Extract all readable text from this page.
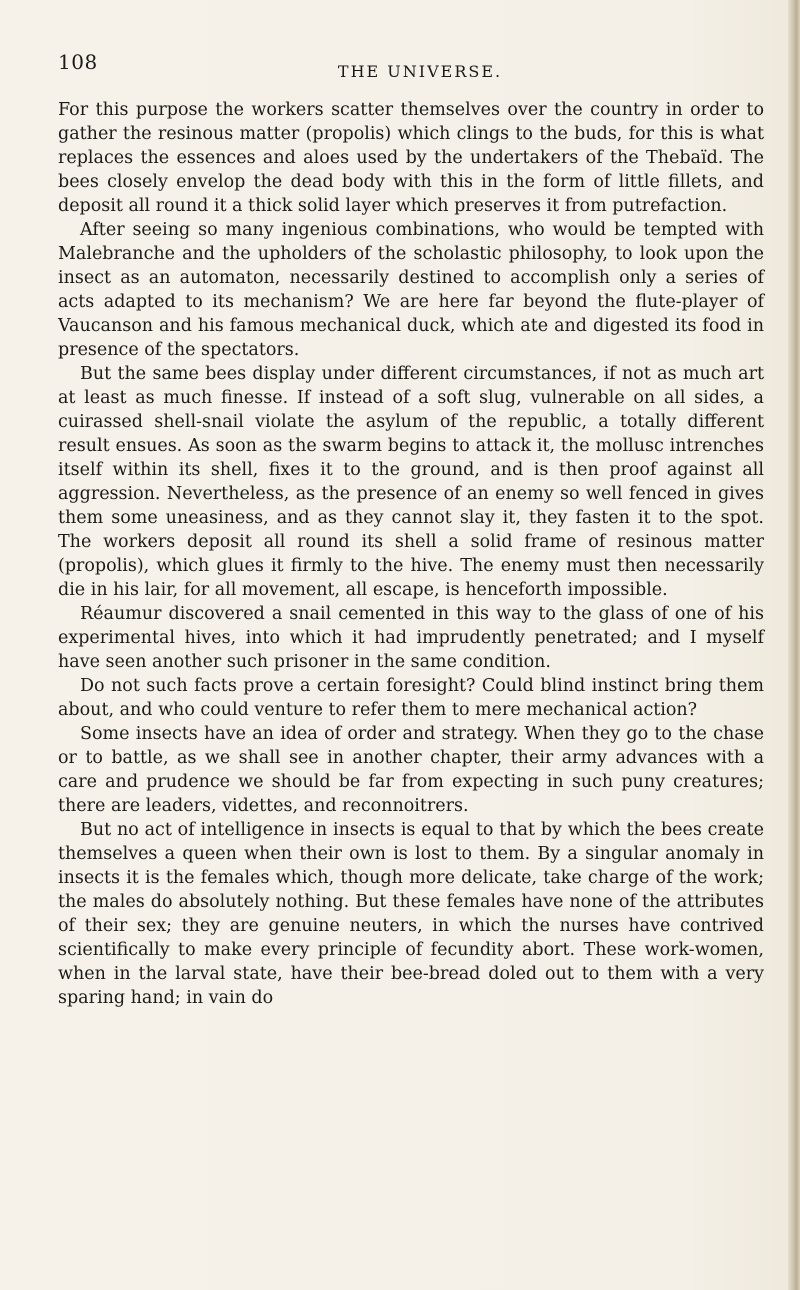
108	THE UNIVERSE.

For this purpose the workers scatter themselves over the country in order to gather the resinous matter (propolis) which clings to the buds, for this is what replaces the essences and aloes used by the undertakers of the Thebaïd. The bees closely envelop the dead body with this in the form of little fillets, and deposit all round it a thick solid layer which preserves it from putrefaction.

After seeing so many ingenious combinations, who would be tempted with Malebranche and the upholders of the scholastic philosophy, to look upon the insect as an automaton, necessarily destined to accomplish only a series of acts adapted to its mechanism? We are here far beyond the flute-player of Vaucanson and his famous mechanical duck, which ate and digested its food in presence of the spectators.

But the same bees display under different circumstances, if not as much art at least as much finesse. If instead of a soft slug, vulnerable on all sides, a cuirassed shell-snail violate the asylum of the republic, a totally different result ensues. As soon as the swarm begins to attack it, the mollusc intrenches itself within its shell, fixes it to the ground, and is then proof against all aggression. Nevertheless, as the presence of an enemy so well fenced in gives them some uneasiness, and as they cannot slay it, they fasten it to the spot. The workers deposit all round its shell a solid frame of resinous matter (propolis), which glues it firmly to the hive. The enemy must then necessarily die in his lair, for all movement, all escape, is henceforth impossible.

Réaumur discovered a snail cemented in this way to the glass of one of his experimental hives, into which it had imprudently penetrated; and I myself have seen another such prisoner in the same condition.

Do not such facts prove a certain foresight? Could blind instinct bring them about, and who could venture to refer them to mere mechanical action?

Some insects have an idea of order and strategy. When they go to the chase or to battle, as we shall see in another chapter, their army advances with a care and prudence we should be far from expecting in such puny creatures; there are leaders, videttes, and reconnoitrers.

But no act of intelligence in insects is equal to that by which the bees create themselves a queen when their own is lost to them. By a singular anomaly in insects it is the females which, though more delicate, take charge of the work; the males do absolutely nothing. But these females have none of the attributes of their sex; they are genuine neuters, in which the nurses have contrived scientifically to make every principle of fecundity abort. These work-women, when in the larval state, have their bee-bread doled out to them with a very sparing hand; in vain do
